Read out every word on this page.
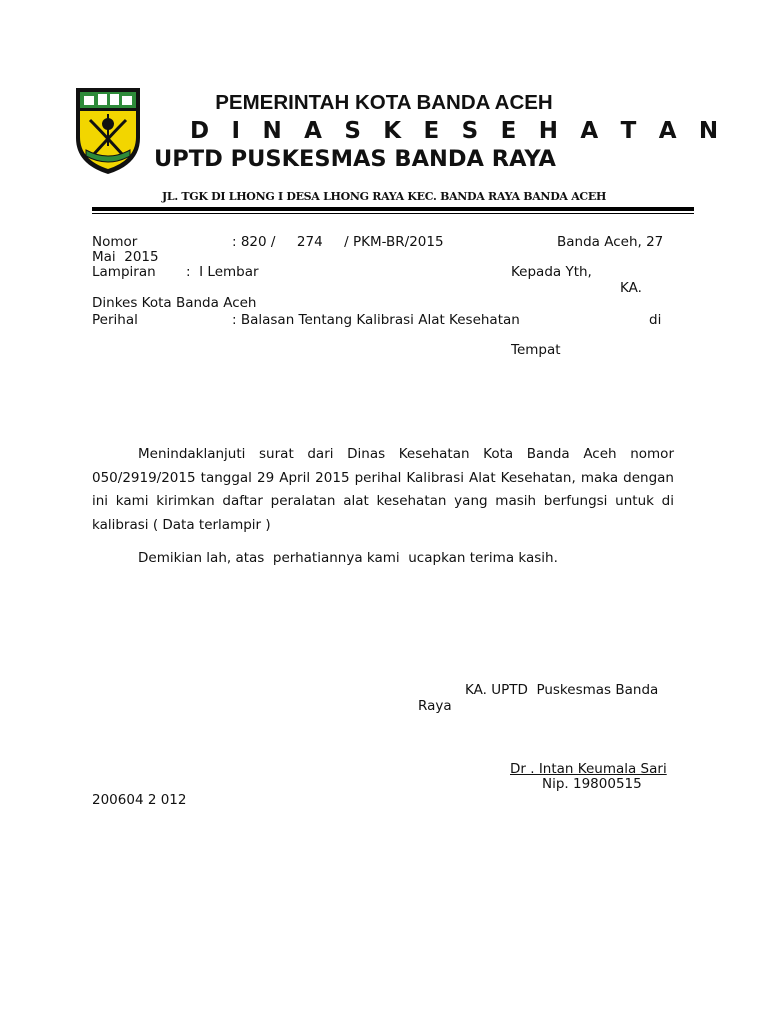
PEMERINTAH KOTA BANDA ACEH
D I N A S K E S E H A T A N
UPTD PUSKESMAS BANDA RAYA
JL. TGK DI LHONG I DESA LHONG RAYA KEC. BANDA RAYA BANDA ACEH
Nomor	: 820 /     274     / PKM-BR/2015	Banda Aceh, 27
Mai  2015
Lampiran :  I Lembar	Kepada Yth,
KA.
Dinkes Kota Banda Aceh
Perihal	: Balasan Tentang Kalibrasi Alat Kesehatan	di
Tempat
Menindaklanjuti surat dari Dinas Kesehatan Kota Banda Aceh nomor 050/2919/2015 tanggal 29 April 2015 perihal Kalibrasi Alat Kesehatan, maka dengan ini kami kirimkan daftar peralatan alat kesehatan yang masih berfungsi untuk di kalibrasi ( Data terlampir )
Demikian lah, atas  perhatiannya kami  ucapkan terima kasih.
KA. UPTD  Puskesmas Banda
Raya
Dr . Intan Keumala Sari
Nip. 19800515
200604 2 012
